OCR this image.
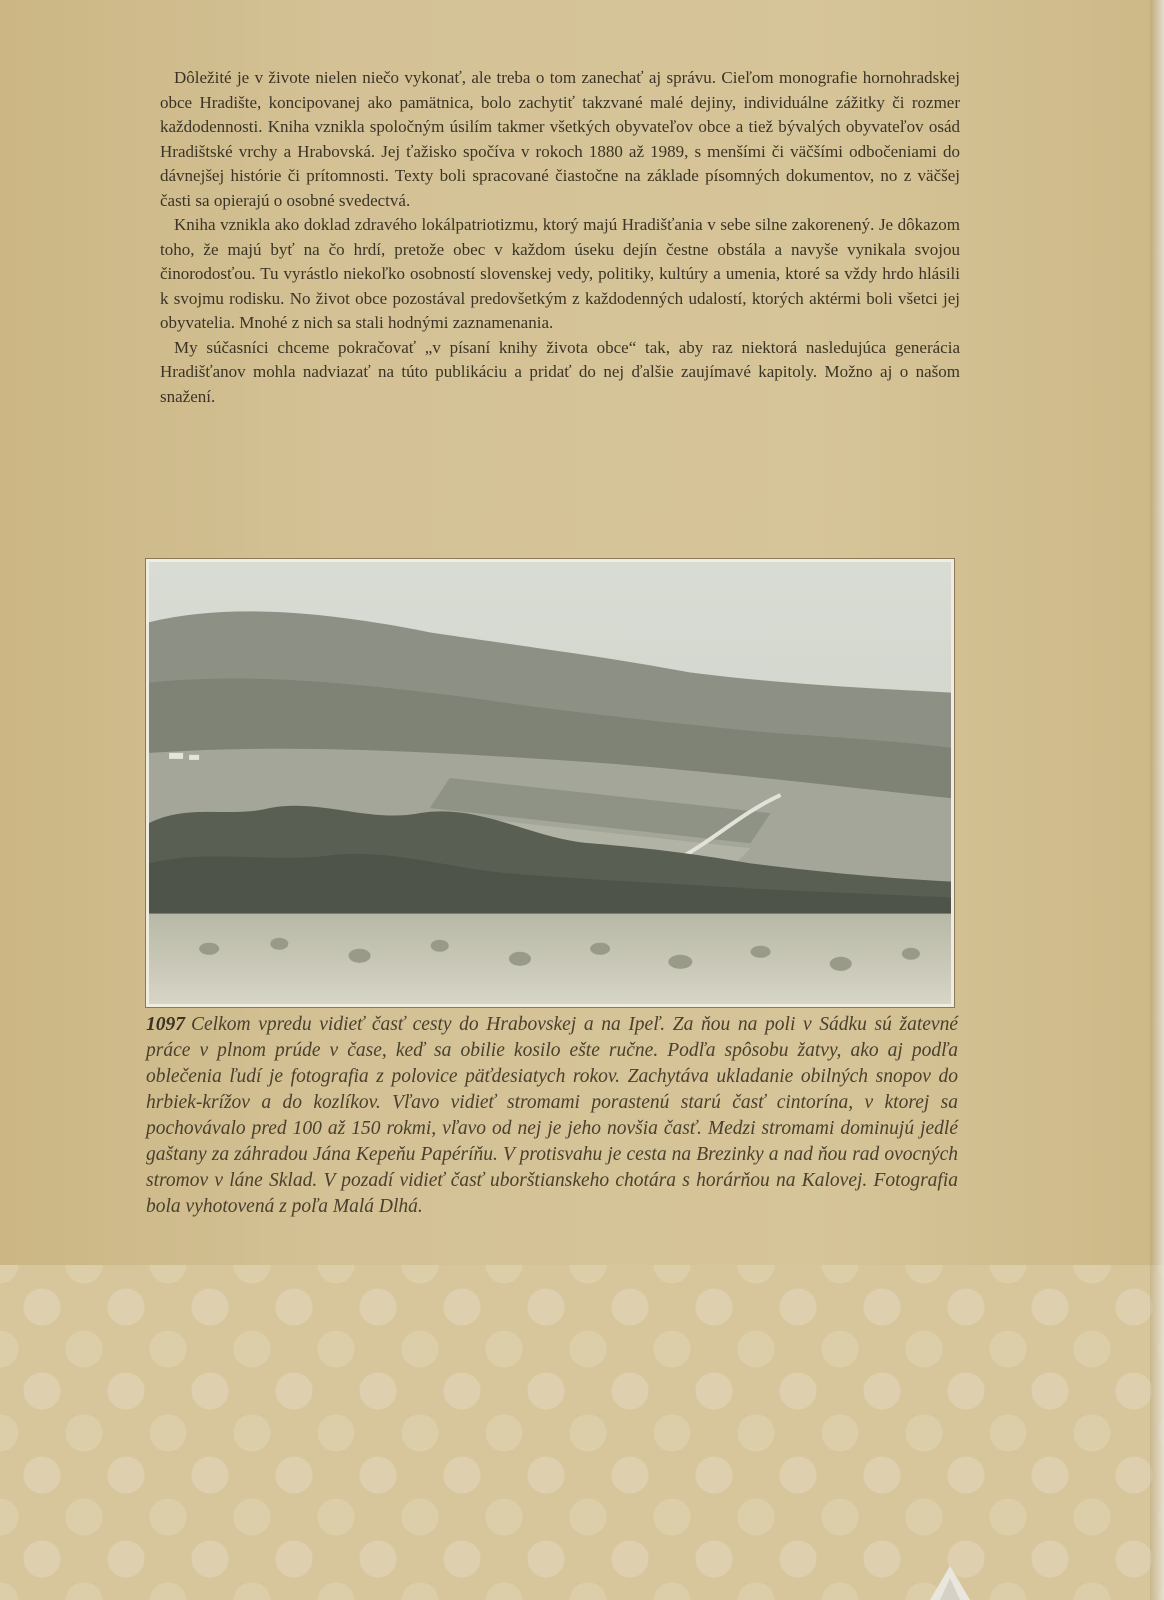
Dôležité je v živote nielen niečo vykonať, ale treba o tom zanechať aj správu. Cieľom monografie hornohradskej obce Hradište, koncipovanej ako pamätnica, bolo zachytiť takzvané malé dejiny, individuálne zážitky či rozmer každodennosti. Kniha vznikla spoločným úsilím takmer všetkých obyvateľov obce a tiež bývalých obyvateľov osád Hradištské vrchy a Hrabovská. Jej ťažisko spočíva v rokoch 1880 až 1989, s menšími či väčšími odbočeniami do dávnejšej histórie či prítomnosti. Texty boli spracované čiastočne na základe písomných dokumentov, no z väčšej časti sa opierajú o osobné svedectvá.

Kniha vznikla ako doklad zdravého lokálpatriotizmu, ktorý majú Hradišťania v sebe silne zakorenený. Je dôkazom toho, že majú byť na čo hrdí, pretože obec v každom úseku dejín čestne obstála a navyše vynikala svojou činorodosťou. Tu vyrástlo niekoľko osobností slovenskej vedy, politiky, kultúry a umenia, ktoré sa vždy hrdo hlásili k svojmu rodisku. No život obce pozostával predovšetkým z každodenných udalostí, ktorých aktérmi boli všetci jej obyvatelia. Mnohé z nich sa stali hodnými zaznamenania.

My súčasníci chceme pokračovať „v písaní knihy života obce“ tak, aby raz niektorá nasledujúca generácia Hradišťanov mohla nadviazať na túto publikáciu a pridať do nej ďalšie zaujímavé kapitoly. Možno aj o našom snažení.

1097 Celkom vpredu vidieť časť cesty do Hrabovskej a na Ipeľ. Za ňou na poli v Sádku sú žatevné práce v plnom prúde v čase, keď sa obilie kosilo ešte ručne. Podľa spôsobu žatvy, ako aj podľa oblečenia ľudí je fotografia z polovice päťdesiatych rokov. Zachytáva ukladanie obilných snopov do hrbiek-krížov a do kozlíkov. Vľavo vidieť stromami porastenú starú časť cintorína, v ktorej sa pochovávalo pred 100 až 150 rokmi, vľavo od nej je jeho novšia časť. Medzi stromami dominujú jedlé gaštany za záhradou Jána Kepeňu Papéríňu. V protisvahu je cesta na Brezinky a nad ňou rad ovocných stromov v láne Sklad. V pozadí vidieť časť uborštianskeho chotára s horárňou na Kalovej. Fotografia bola vyhotovená z poľa Malá Dlhá.
